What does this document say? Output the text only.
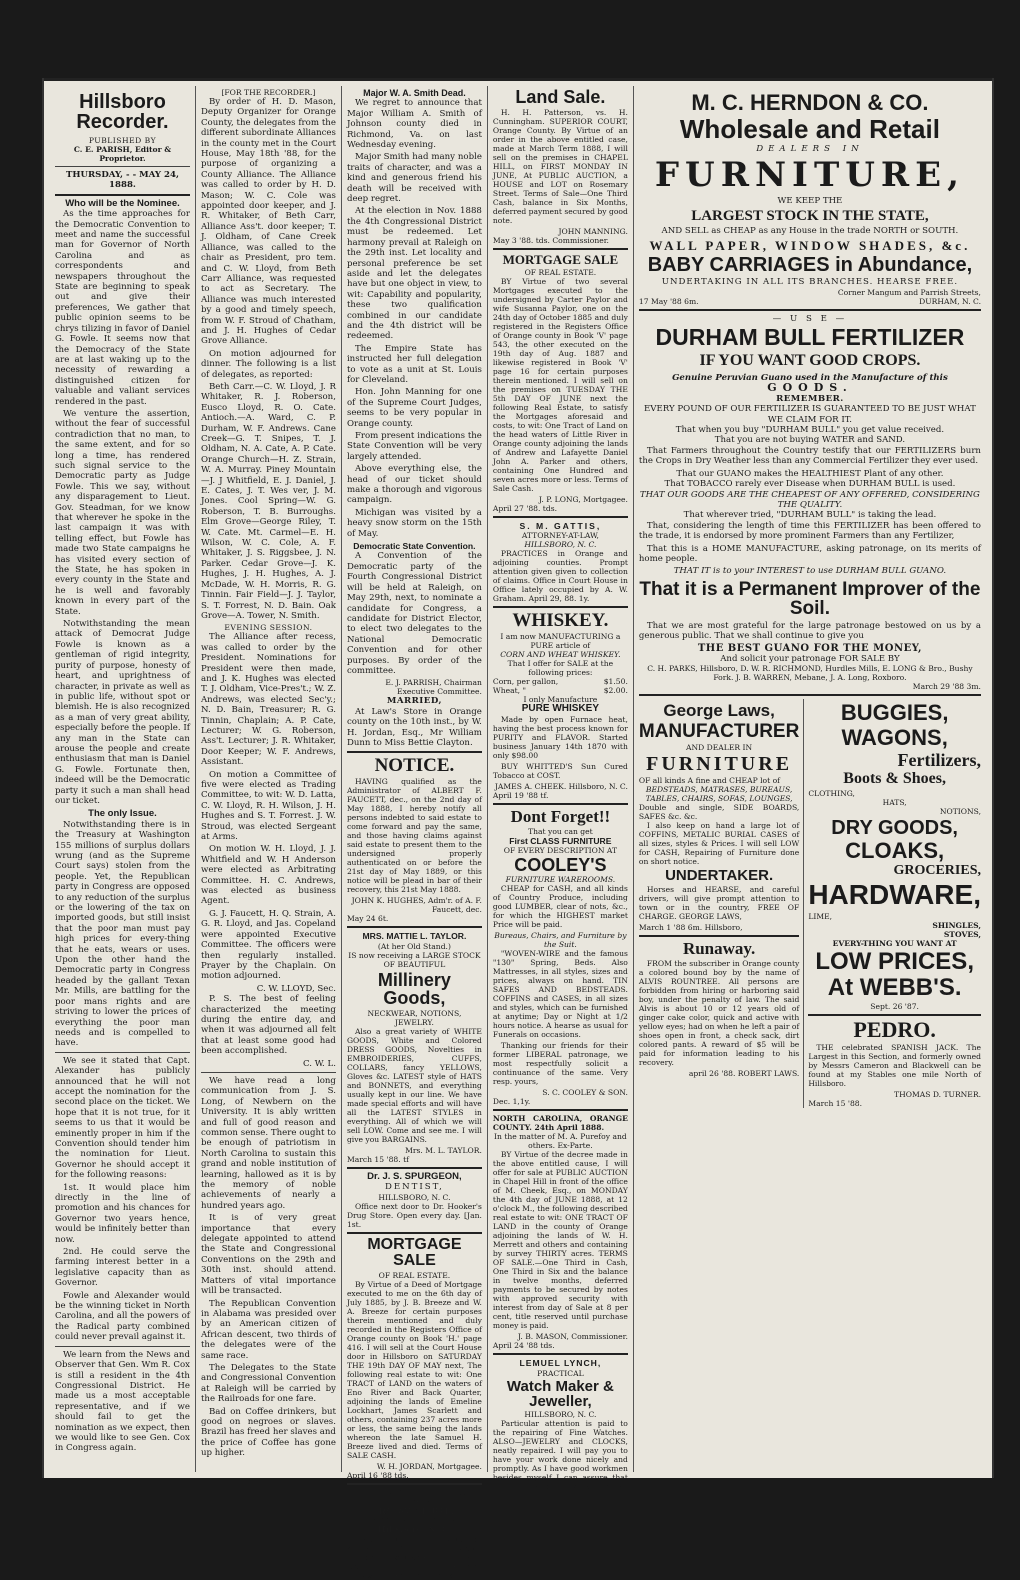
Hillsboro Recorder.
PUBLISHED BY
C. E. PARISH, Editor & Proprietor.
THURSDAY, - - MAY 24, 1888.
Who will be the Nominee.

As the time approaches for the Democratic Convention to meet and name the successful man for Governor of North Carolina and as correspondents and newspapers throughout the State are beginning to speak out and give their preferences, We gather that public opinion seems to be chrys tilizing in favor of Daniel G. Fowle. It seems now that the Democracy of the State are at last waking up to the necessity of rewarding a distinguished citizen for valuable and valiant services rendered in the past.

We venture the assertion, without the fear of successful contradiction that no man, to the same extent, and for so long a time, has rendered such signal service to the Democratic party as Judge Fowle. This we say, without any disparagement to Lieut. Gov. Steadman, for we know that wherever he spoke in the last campaign it was with telling effect, but Fowle has made two State campaigns he has visited every section of the State, he has spoken in every county in the State and he is well and favorably known in every part of the State.

Notwithstanding the mean attack of Democrat Judge Fowle is known as a gentleman of rigid integrity, purity of purpose, honesty of heart, and uprightness of character, in private as well as in public life, without spot or blemish. He is also recognized as a man of very great ability, especially before the people. If any man in the State can arouse the people and create enthusiasm that man is Daniel G. Fowle. Fortunate then, indeed will be the Democratic party it such a man shall head our ticket.

The only Issue.

Notwithstanding there is in the Treasury at Washington 155 millions of surplus dollars wrung (and as the Supreme Court says) stolen from the people. Yet, the Republican party in Congress are opposed to any reduction of the surplus or the lowering of the tax on imported goods, but still insist that the poor man must pay high prices for every-thing that he eats, wears or uses. Upon the other hand the Democratic party in Congress headed by the gallant Texan Mr. Mills, are battling for the poor mans rights and are striving to lower the prices of everything the poor man needs and is compelled to have.

We see it stated that Capt. Alexander has publicly announced that he will not accept the nomination for the second place on the ticket. We hope that it is not true, for it seems to us that it would be eminently proper in him if the Convention should tender him the nomination for Lieut. Governor he should accept it for the following reasons:

1st. It would place him directly in the line of promotion and his chances for Governor two years hence, would be infinitely better than now.

2nd. He could serve the farming interest better in a legislative capacity than as Governor.

Fowle and Alexander would be the winning ticket in North Carolina, and all the powers of the Radical party combined could never prevail against it.

We learn from the News and Observer that Gen. Wm R. Cox is still a resident in the 4th Congressional District. He made us a most acceptable representative, and if we should fail to get the nomination as we expect, then we would like to see Gen. Cox in Congress again.

[FOR THE RECORDER.]

By order of H. D. Mason, Deputy Organizer for Orange County, the delegates from the different subordinate Alliances in the county met in the Court House, May 18th '88, for the purpose of organizing a County Alliance. The Alliance was called to order by H. D. Mason; W. C. Cole was appointed door keeper, and J. R. Whitaker, of Beth Carr, Alliance Ass't. door keeper; T. J. Oldham, of Cane Creek Alliance, was called to the chair as President, pro tem. and C. W. Lloyd, from Beth Carr Alliance, was requested to act as Secretary. The Alliance was much interested by a good and timely speech, from W. F. Stroud of Chatham, and J. H. Hughes of Cedar Grove Alliance.

On motion adjourned for dinner. The following is a list of delegates, as reported:

Beth Carr.—C. W. Lloyd, J. R Whitaker, R. J. Roberson, Eusco Lloyd, R. O. Cate. Antioch.—A. Ward, C. P. Durham, W. F. Andrews. Cane Creek—G. T. Snipes, T. J. Oldham, N. A. Cate, A. P. Cate. Orange Church—H. Z. Strain, W. A. Murray. Piney Mountain—J. J Whitfield, E. J. Daniel, J. E. Cates, J. T. Wes ver, J. M. Jones. Cool Spring—W. G. Roberson, T. B. Burroughs. Elm Grove—George Riley, T. W. Cate. Mt. Carmel—E. H. Wilson, W. C. Cole, A. F. Whitaker, J. S. Riggsbee, J. N. Parker. Cedar Grove—J. K. Hughes, J. H. Hughes, A. J. McDade, W. H. Morris, R. G. Tinnin. Fair Field—J. J. Taylor, S. T. Forrest, N. D. Bain. Oak Grove—A. Tower, N. Smith.

EVENING SESSION.

The Alliance after recess, was called to order by the President. Nominations for President were then made, and J. K. Hughes was elected T. J. Oldham, Vice-Pres't.; W. Z. Andrews, was elected Sec'y.; N. D. Bain, Treasurer; R. G. Tinnin, Chaplain; A. P. Cate, Lecturer; W. G. Roberson, Ass't. Lecturer; J. R. Whitaker, Door Keeper; W. F. Andrews, Assistant.

On motion a Committee of five were elected as Trading Committee, to wit: W. D. Latta, C. W. Lloyd, R. H. Wilson, J. H. Hughes and S. T. Forrest. J. W. Stroud, was elected Sergeant at Arms.

On motion W. H. Lloyd, J. J. Whitfield and W. H Anderson were elected as Arbitrating Committee. H. C. Andrews, was elected as business Agent.

G. J. Faucett, H. Q. Strain, A. G. R. Lloyd, and Jas. Copeland were appointed Executive Committee. The officers were then regularly installed. Prayer by the Chaplain. On motion adjourned.

C. W. LLOYD, Sec.

P. S. The best of feeling characterized the meeting during the entire day, and when it was adjourned all felt that at least some good had been accomplished.

C. W. L.

We have read a long communication from J. S. Long, of Newbern on the University. It is ably written and full of good reason and common sense. There ought to be enough of patriotism in North Carolina to sustain this grand and noble institution of learning, hallowed as it is by the memory of noble achievements of nearly a hundred years ago.

It is of very great importance that every delegate appointed to attend the State and Congressional Conventions on the 29th and 30th inst. should attend. Matters of vital importance will be transacted.

The Republican Convention in Alabama was presided over by an American citizen of African descent, two thirds of the delegates were of the same race.

The Delegates to the State and Congressional Convention at Raleigh will be carried by the Railroads for one fare.

Bad on Coffee drinkers, but good on negroes or slaves. Brazil has freed her slaves and the price of Coffee has gone up higher.

Major W. A. Smith Dead.

We regret to announce that Major William A. Smith of Johnson county died in Richmond, Va. on last Wednesday evening.

Major Smith had many noble traits of character, and was a kind and generous friend his death will be received with deep regret.

At the election in Nov. 1888 the 4th Congressional District must be redeemed. Let harmony prevail at Raleigh on the 29th inst. Let locality and personal preference be set aside and let the delegates have but one object in view, to wit: Capability and popularity, these two qualification combined in our candidate and the 4th district will be redeemed.

The Empire State has instructed her full delegation to vote as a unit at St. Louis for Cleveland.

Hon. John Manning for one of the Supreme Court Judges, seems to be very popular in Orange county.

From present indications the State Convention will be very largely attended.

Above everything else, the head of our ticket should make a thorough and vigorous campaign.

Michigan was visited by a heavy snow storm on the 15th of May.

Democratic State Convention.

A Convention of the Democratic party of the Fourth Congressional District will be held at Raleigh, on May 29th, next, to nominate a candidate for Congress, a candidate for District Elector, to elect two delegates to the National Democratic Convention and for other purposes. By order of the committee.

E. J. PARRISH, Chairman Executive Committee.
MARRIED,

At Law's Store in Orange county on the 10th inst., by W. H. Jordan, Esq., Mr William Dunn to Miss Bettie Clayton.

NOTICE.

HAVING qualified as the Administrator of ALBERT F. FAUCETT, dec., on the 2nd day of May 1888, I hereby notify all persons indebted to said estate to come forward and pay the same, and those having claims against said estate to present them to the undersigned properly authenticated on or before the 21st day of May 1889, or this notice will be plead in bar of their recovery, this 21st May 1888.

JOHN K. HUGHES, Adm'r. of A. F. Faucett, dec.
May 24 6t.
MRS. MATTIE L. TAYLOR.
(At her Old Stand.)
IS now receiving a LARGE STOCK OF BEAUTIFUL
Millinery Goods,
NECKWEAR, NOTIONS, JEWELRY.

Also a great variety of WHITE GOODS, White and Colored DRESS GOODS, Novelties in EMBROIDERIES, CUFFS, COLLARS, fancy YELLOWS, Gloves &c. LATEST style of HATS and BONNETS, and everything usually kept in our line. We have made special efforts and will have all the LATEST STYLES in everything. All of which we will sell LOW. Come and see me. I will give you BARGAINS.

Mrs. M. L. TAYLOR.
March 15 '88. tf
Dr. J. S. SPURGEON,
DENTIST,
HILLSBORO, N. C.

Office next door to Dr. Hooker's Drug Store. Open every day. [Jan. 1st.

MORTGAGE SALE
OF REAL ESTATE.

By Virtue of a Deed of Mortgage executed to me on the 6th day of July 1885, by J. B. Breeze and W. A. Breeze for certain purposes therein mentioned and duly recorded in the Registers Office of Orange county on Book 'H.' page 416. I will sell at the Court House door in Hillsboro on SATURDAY THE 19th DAY OF MAY next, The following real estate to wit: One TRACT of LAND on the waters of Eno River and Back Quarter, adjoining the lands of Emeline Lockhart, James Scarlett and others, containing 237 acres more or less, the same being the lands whereon the late Samuel H. Breeze lived and died. Terms of SALE CASH.

W. H. JORDAN, Mortgagee.
April 16 '88 tds.
JOHN W. GRAHAM, THOS. RUFFIN
GRAHAM & RUFFIN,
ATTORNEYS AT LAW,
Hillsboro, N. C.

Practice in the Counties of Alamance Caswell, Durham, Guilford, Rockingham Person and Orange. Also—In the Federal Courts at R and Greensboro.

Land Sale.

H. H. Patterson, vs. H. Cunningham. SUPERIOR COURT, Orange County. By Virtue of an order in the above entitled case, made at March Term 1888, I will sell on the premises in CHAPEL HILL, on FIRST MONDAY IN JUNE, At PUBLIC AUCTION, a HOUSE and LOT on Rosemary Street. Terms of Sale—One Third Cash, balance in Six Months, deferred payment secured by good note.

JOHN MANNING.
May 3 '88. tds. Commissioner.
MORTGAGE SALE
OF REAL ESTATE.

BY Virtue of two several Mortgages executed to the undersigned by Carter Paylor and wife Susanna Paylor, one on the 24th day of October 1885 and duly registered in the Registers Office of Orange county in Book 'V' page 543, the other executed on the 19th day of Aug. 1887 and likewise registered in Book 'V' page 16 for certain purposes therein mentioned. I will sell on the premises on TUESDAY THE 5th DAY OF JUNE next the following Real Estate, to satisfy the Mortgages aforesaid and costs, to wit: One Tract of Land on the head waters of Little River in Orange county adjoining the lands of Andrew and Lafayette Daniel John A. Parker and others, containing One Hundred and seven acres more or less. Terms of Sale Cash.

J. P. LONG, Mortgagee.
April 27 '88. tds.
S. M. GATTIS,
ATTORNEY-AT-LAW,
HILLSBORO, N. C.

PRACTICES in Orange and adjoining counties. Prompt attention given given to collection of claims. Office in Court House in Office lately occupied by A. W. Graham. April 29, 88. 1y.

WHISKEY.
I am now MANUFACTURING a PURE article of
CORN AND WHEAT WHISKEY.
That I offer for SALE at the following prices:
Corn, per gallon,	$1.50.
Wheat, "	$2.00.
I only Manufacture
PURE WHISKEY

Made by open Furnace heat, having the best process known for PURITY and FLAVOR. Started business January 14th 1870 with only $98.00

BUY WHITTED'S Sun Cured Tobacco at COST.

JAMES A. CHEEK. Hillsboro, N. C.
April 19 '88 tf.
Dont Forget!!
That you can get
First CLASS FURNITURE
OF EVERY DESCRIPTION AT
COOLEY'S
FURNITURE WAREROOMS.

CHEAP for CASH, and all kinds of Country Produce, including good LUMBER, clear of nots, &c., for which the HIGHEST market Price will be paid.

Bureaus, Chairs, and Furniture by the Suit.

"WOVEN-WIRE and the famous "130" Spring, Beds. Also Mattresses, in all styles, sizes and prices, always on hand. TIN SAFES AND BEDSTEADS. COFFINS and CASES, in all sizes and styles, which can be furnished at anytime; Day or Night at 1/2 hours notice. A hearse as usual for Funerals on occasions.

Thanking our friends for their former LIBERAL patronage, we most respectfully solicit a continuance of the same. Very resp. yours,

S. C. COOLEY & SON.
Dec. 1,1y.
NORTH CAROLINA, ORANGE COUNTY. 24th April 1888.
In the matter of M. A. Purefoy and others. Ex-Parte.

BY Virtue of the decree made in the above entitled cause, I will offer for sale at PUBLIC AUCTION in Chapel Hill in front of the office of M. Cheek, Esq., on MONDAY the 4th day of JUNE 1888, at 12 o'clock M., the following described real estate to wit: ONE TRACT OF LAND in the county of Orange adjoining the lands of W. H. Merrett and others and containing by survey THIRTY acres. TERMS OF SALE.—One Third in Cash, One Third in Six and the balance in twelve months, deferred payments to be secured by notes with approved security with interest from day of Sale at 8 per cent, title reserved until purchase money is paid.

J. B. MASON, Commissioner.
April 24 '88 tds.
LEMUEL LYNCH,
PRACTICAL
Watch Maker & Jeweller,
HILLSBORO, N. C.

Particular attention is paid to the repairing of Fine Watches. ALSO—JEWELRY and CLOCKS, neatly repaired. I will pay you to have your work done nicely and promptly. As I have good workmen besides myself I can assure that all work is done neatly. April 23 '88. tf.

M. C. HERNDON & CO.
Wholesale and Retail
DEALERS IN
FURNITURE,
WE KEEP THE
LARGEST STOCK IN THE STATE,
AND SELL as CHEAP as any House in the trade NORTH or SOUTH.
WALL PAPER, WINDOW SHADES, &c.
BABY CARRIAGES in Abundance,
UNDERTAKING IN ALL ITS BRANCHES. HEARSE FREE.
Corner Mangum and Parrish Streets,
17 May '88 6m.	DURHAM, N. C.
— U S E —
DURHAM BULL FERTILIZER
IF YOU WANT GOOD CROPS.
Genuine Peruvian Guano used in the Manufacture of this
GOODS.
REMEMBER.
EVERY POUND OF OUR FERTILIZER IS GUARANTEED TO BE JUST WHAT WE CLAIM FOR IT.
That when you buy "DURHAM BULL" you get value received.
That you are not buying WATER and SAND.

That Farmers throughout the Country testify that our FERTILIZERS burn the Crops in Dry Weather less than any Commercial Fertilizer they ever used.

That our GUANO makes the HEALTHIEST Plant of any other.
That TOBACCO rarely ever Disease when DURHAM BULL is used.
THAT OUR GOODS ARE THE CHEAPEST OF ANY OFFERED, CONSIDERING THE QUALITY.
That wherever tried, "DURHAM BULL" is taking the lead.

That, considering the length of time this FERTILIZER has been offered to the trade, it is endorsed by more prominent Farmers than any Fertilizer,

That this is a HOME MANUFACTURE, asking patronage, on its merits of home people.

THAT IT is to your INTEREST to use DURHAM BULL GUANO.
That it is a Permanent Improver of the Soil.

That we are most grateful for the large patronage bestowed on us by a generous public. That we shall continue to give you

THE BEST GUANO FOR THE MONEY,
And solicit your patronage FOR SALE BY
C. H. PARKS, Hillsboro, D. W. R. RICHMOND, Hurdles Mills, E. LONG & Bro., Bushy Fork. J. B. WARREN, Mebane, J. A. Long, Roxboro.
March 29 '88 3m.
George Laws,
MANUFACTURER
AND DEALER IN
FURNITURE
OF all kinds A fine and CHEAP lot of
BEDSTEADS, MATRASES, BUREAUS, TABLES, CHAIRS, SOFAS, LOUNGES,
Double and single, SIDE BOARDS, SAFES &c. &c.

I also keep on hand a large lot of COFFINS, METALIC BURIAL CASES of all sizes, styles & Prices. I will sell LOW for CASH, Repairing of Furniture done on short notice.

UNDERTAKER.

Horses and HEARSE, and careful drivers, will give prompt attention to town or in the country, FREE OF CHARGE. GEORGE LAWS,

March 1 '88 6m. Hillsboro,
Runaway.

FROM the subscriber in Orange county a colored bound boy by the name of ALVIS ROUNTREE. All persons are forbidden from hiring or harboring said boy, under the penalty of law. The said Alvis is about 10 or 12 years old of ginger cake color, quick and active with yellow eyes; had on when he left a pair of shoes open in front, a check sack, dirt colored pants. A reward of $5 will be paid for information leading to his recovery.

april 26 '88. ROBERT LAWS.
BUGGIES,
WAGONS,
Fertilizers,
Boots & Shoes,
CLOTHING,
HATS,
NOTIONS,
DRY GOODS,
CLOAKS,
GROCERIES,
HARDWARE,
LIME,
SHINGLES,
STOVES,
EVERY-THING YOU WANT AT
LOW PRICES,
At WEBB'S.
Sept. 26 '87.
PEDRO.

THE celebrated SPANISH JACK. The Largest in this Section, and formerly owned by Messrs Cameron and Blackwell can be found at my Stables one mile North of Hillsboro.

THOMAS D. TURNER.
March 15 '88.
